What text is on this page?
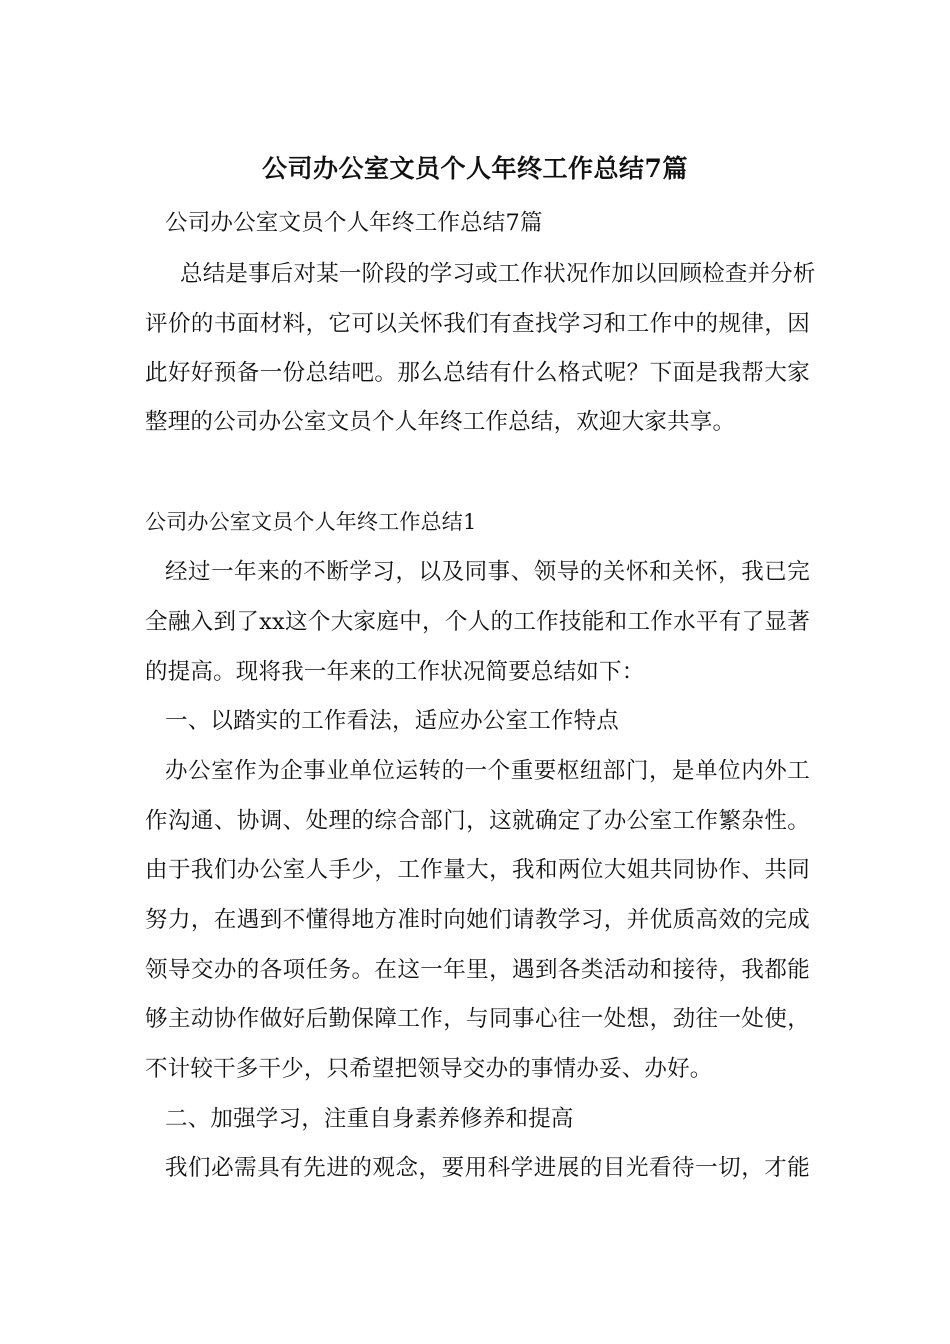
公司办公室文员个人年终工作总结7篇
公司办公室文员个人年终工作总结7篇
总结是事后对某一阶段的学习或工作状况作加以回顾检查并分析
评价的书面材料，它可以关怀我们有查找学习和工作中的规律，因
此好好预备一份总结吧。那么总结有什么格式呢？下面是我帮大家
整理的公司办公室文员个人年终工作总结，欢迎大家共享。
公司办公室文员个人年终工作总结1
经过一年来的不断学习，以及同事、领导的关怀和关怀，我已完
全融入到了xx这个大家庭中，个人的工作技能和工作水平有了显著
的提高。现将我一年来的工作状况简要总结如下：
一、以踏实的工作看法，适应办公室工作特点
办公室作为企事业单位运转的一个重要枢纽部门，是单位内外工
作沟通、协调、处理的综合部门，这就确定了办公室工作繁杂性。
由于我们办公室人手少，工作量大，我和两位大姐共同协作、共同
努力，在遇到不懂得地方准时向她们请教学习，并优质高效的完成
领导交办的各项任务。在这一年里，遇到各类活动和接待，我都能
够主动协作做好后勤保障工作，与同事心往一处想，劲往一处使，
不计较干多干少，只希望把领导交办的事情办妥、办好。
二、加强学习，注重自身素养修养和提高
我们必需具有先进的观念，要用科学进展的目光看待一切，才能
